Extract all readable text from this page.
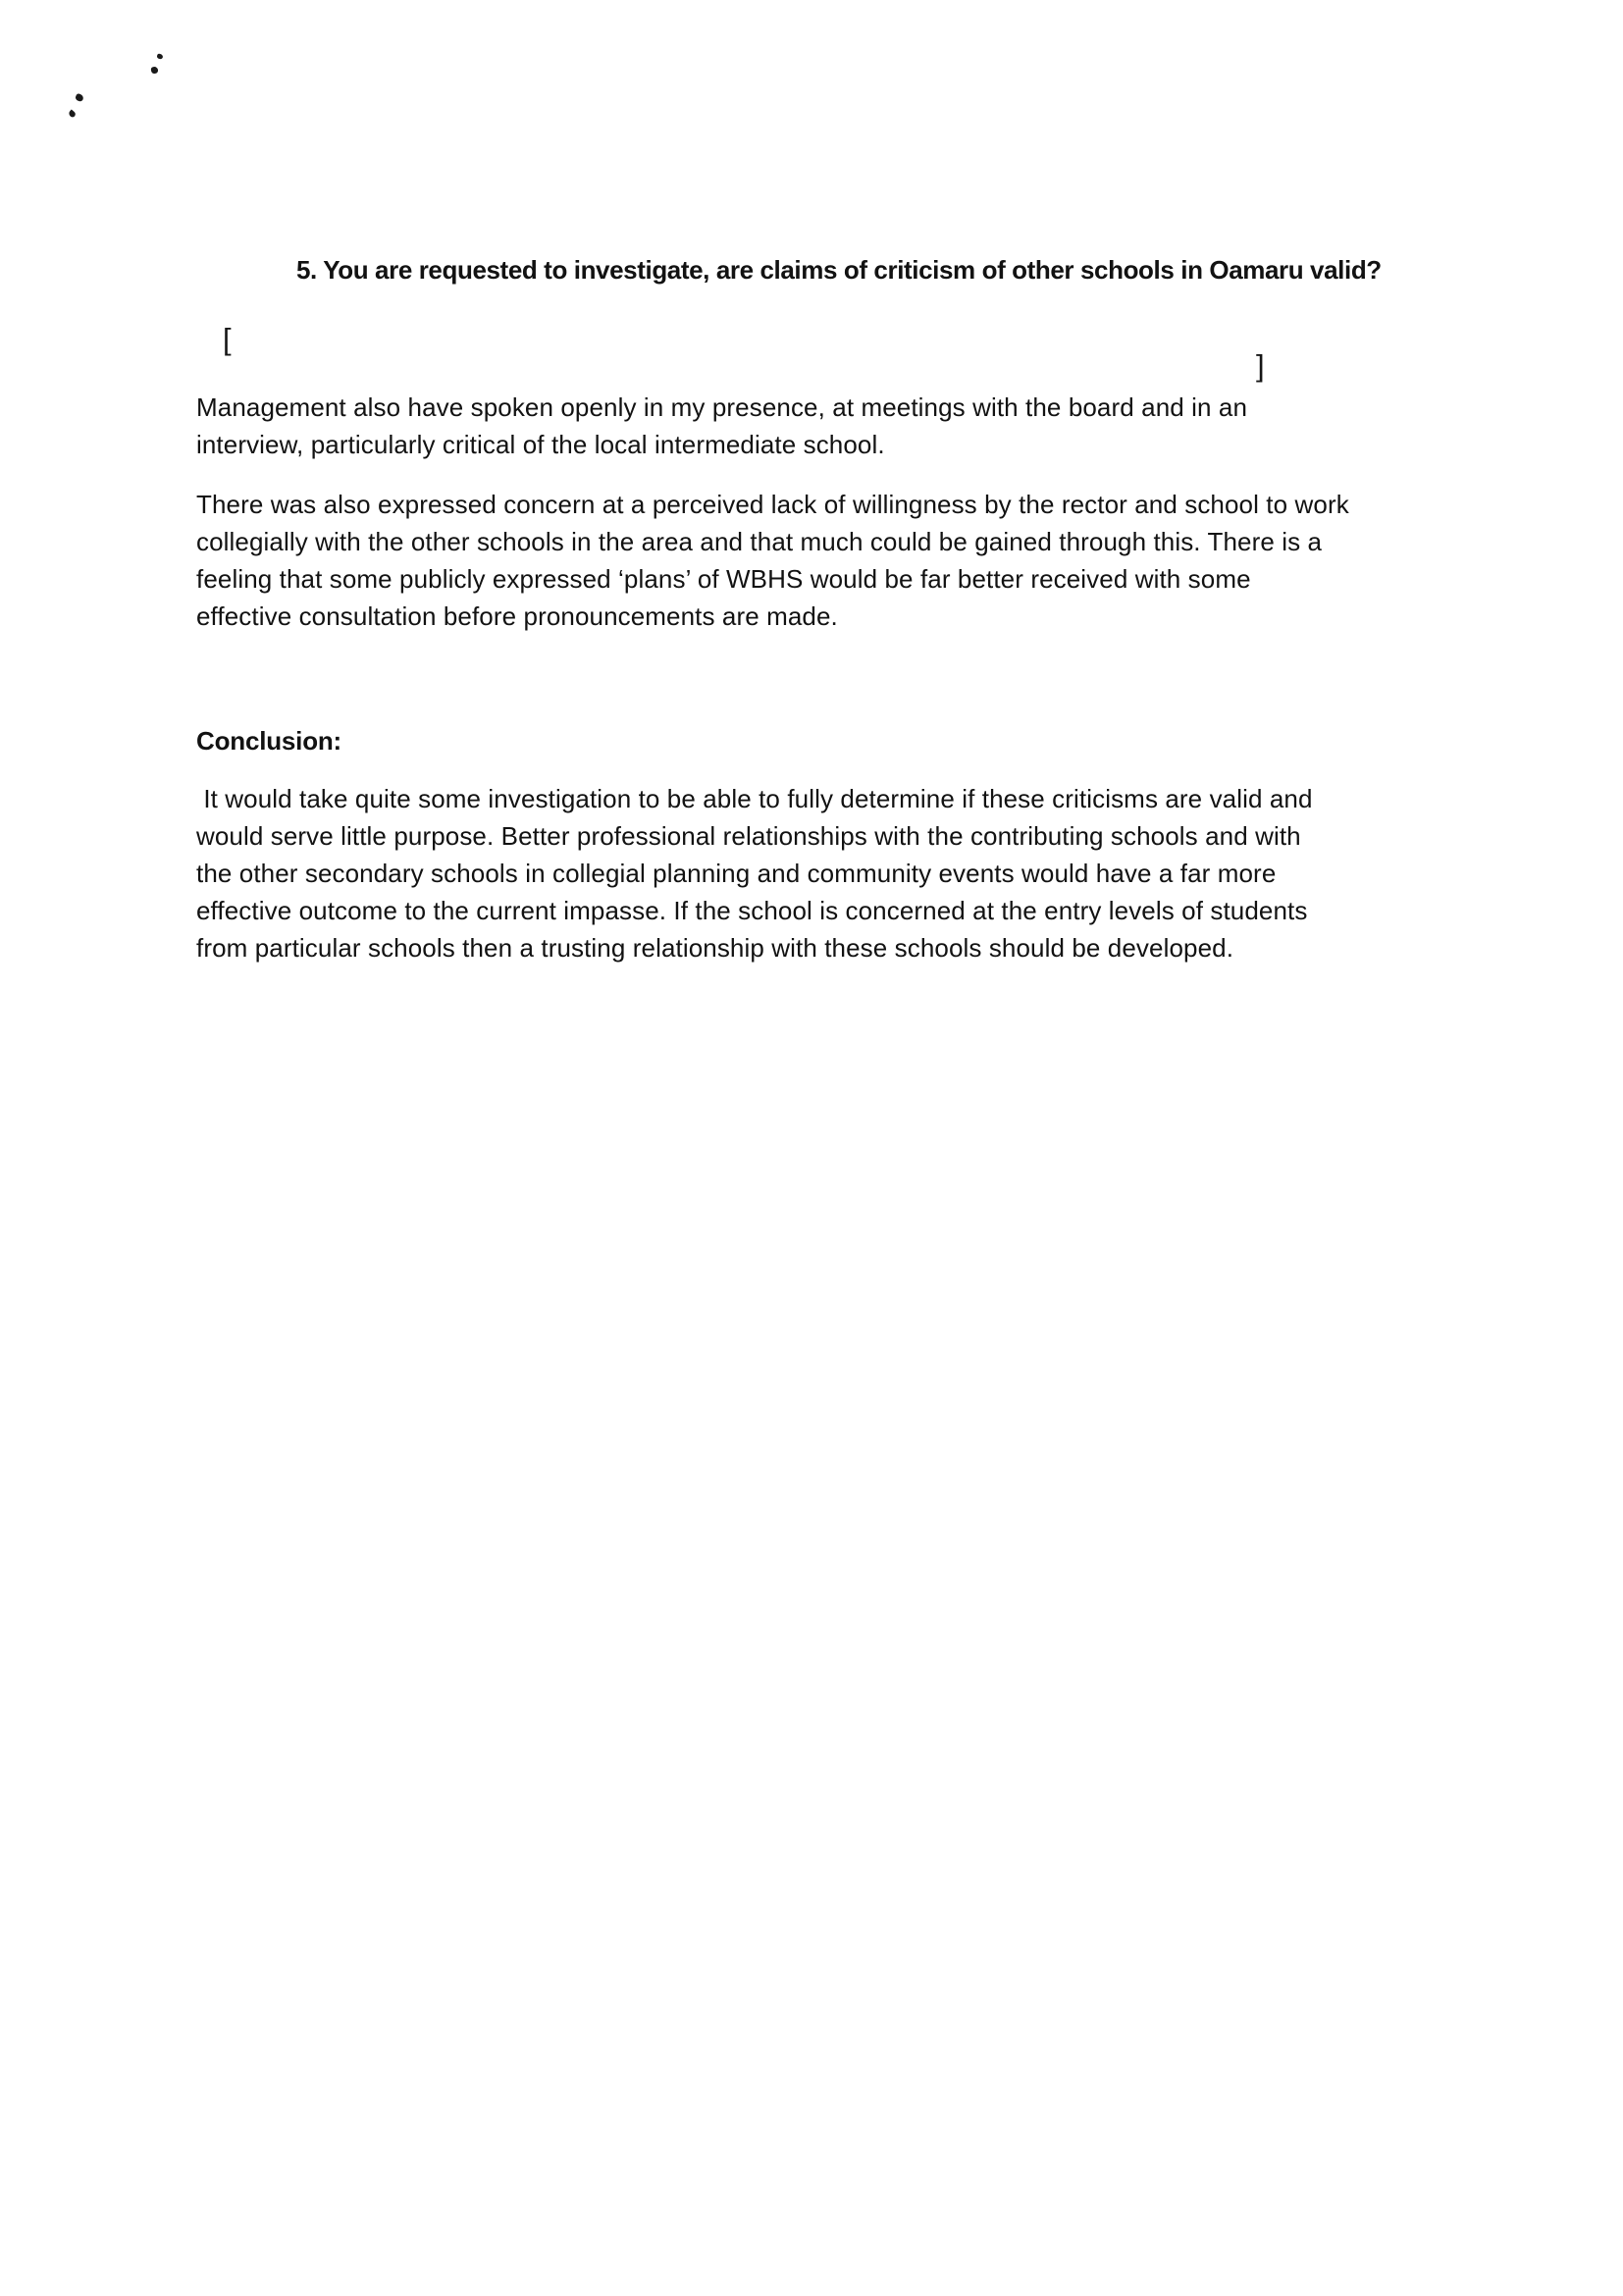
5. You are requested to investigate, are claims of criticism of other schools in Oamaru valid?
[
]
Management also have spoken openly in my presence, at meetings with the board and in an
interview, particularly critical of the local intermediate school.
There was also expressed concern at a perceived lack of willingness by the rector and school to work
collegially with the other schools in the area and that much could be gained through this. There is a
feeling that some publicly expressed ‘plans’ of WBHS would be far better received with some
effective consultation before pronouncements are made.
Conclusion:
It would take quite some investigation to be able to fully determine if these criticisms are valid and
would serve little purpose. Better professional relationships with the contributing schools and with
the other secondary schools in collegial planning and community events would have a far more
effective outcome to the current impasse. If the school is concerned at the entry levels of students
from particular schools then a trusting relationship with these schools should be developed.
